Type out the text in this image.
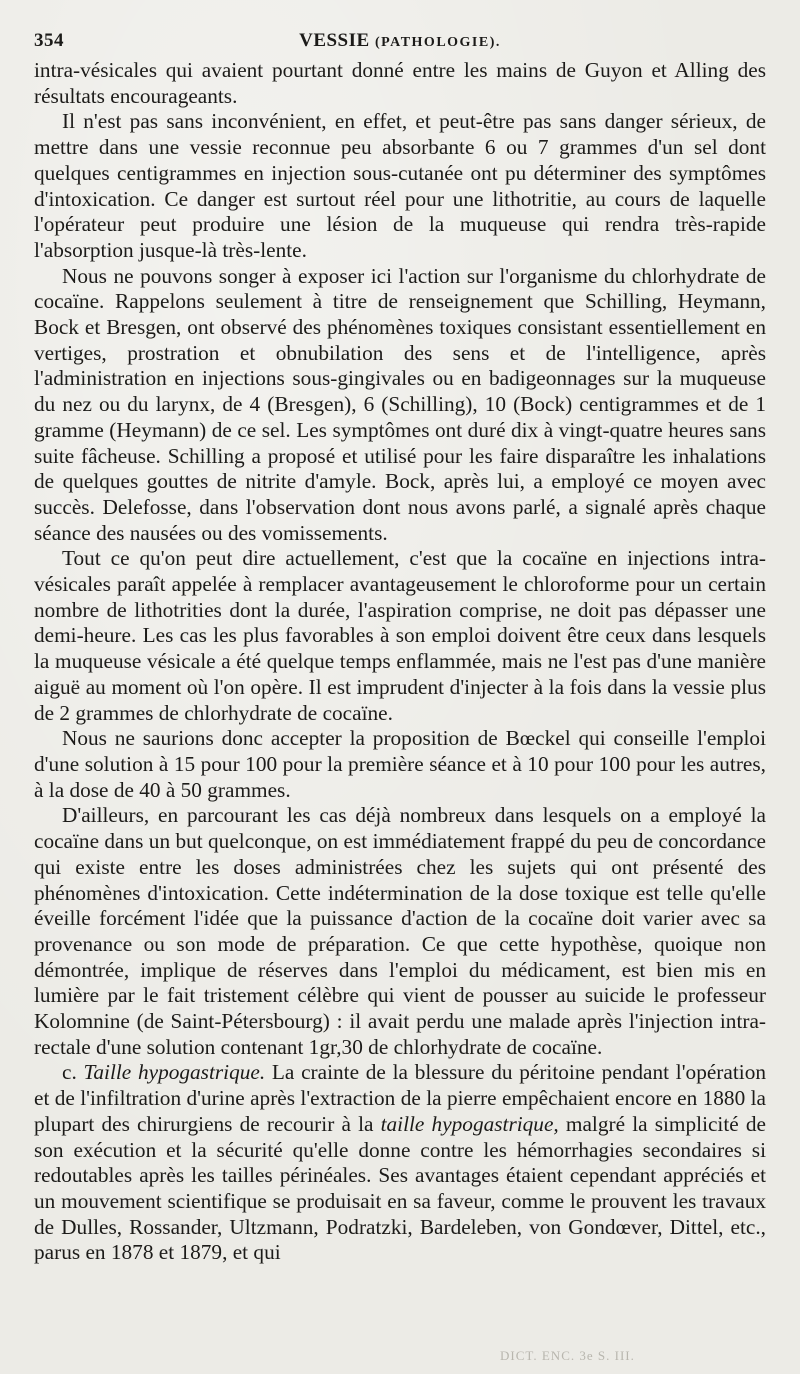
354	VESSIE (PATHOLOGIE).

intra-vésicales qui avaient pourtant donné entre les mains de Guyon et Alling des résultats encourageants.

Il n'est pas sans inconvénient, en effet, et peut-être pas sans danger sérieux, de mettre dans une vessie reconnue peu absorbante 6 ou 7 grammes d'un sel dont quelques centigrammes en injection sous-cutanée ont pu déterminer des symptômes d'intoxication. Ce danger est surtout réel pour une lithotritie, au cours de laquelle l'opérateur peut produire une lésion de la muqueuse qui rendra très-rapide l'absorption jusque-là très-lente.

Nous ne pouvons songer à exposer ici l'action sur l'organisme du chlorhydrate de cocaïne. Rappelons seulement à titre de renseignement que Schilling, Heymann, Bock et Bresgen, ont observé des phénomènes toxiques consistant essentiellement en vertiges, prostration et obnubilation des sens et de l'intelligence, après l'administration en injections sous-gingivales ou en badigeonnages sur la muqueuse du nez ou du larynx, de 4 (Bresgen), 6 (Schilling), 10 (Bock) centigrammes et de 1 gramme (Heymann) de ce sel. Les symptômes ont duré dix à vingt-quatre heures sans suite fâcheuse. Schilling a proposé et utilisé pour les faire disparaître les inhalations de quelques gouttes de nitrite d'amyle. Bock, après lui, a employé ce moyen avec succès. Delefosse, dans l'observation dont nous avons parlé, a signalé après chaque séance des nausées ou des vomissements.

Tout ce qu'on peut dire actuellement, c'est que la cocaïne en injections intra-vésicales paraît appelée à remplacer avantageusement le chloroforme pour un certain nombre de lithotrities dont la durée, l'aspiration comprise, ne doit pas dépasser une demi-heure. Les cas les plus favorables à son emploi doivent être ceux dans lesquels la muqueuse vésicale a été quelque temps enflammée, mais ne l'est pas d'une manière aiguë au moment où l'on opère. Il est imprudent d'injecter à la fois dans la vessie plus de 2 grammes de chlorhydrate de cocaïne.

Nous ne saurions donc accepter la proposition de Bœckel qui conseille l'emploi d'une solution à 15 pour 100 pour la première séance et à 10 pour 100 pour les autres, à la dose de 40 à 50 grammes.

D'ailleurs, en parcourant les cas déjà nombreux dans lesquels on a employé la cocaïne dans un but quelconque, on est immédiatement frappé du peu de concordance qui existe entre les doses administrées chez les sujets qui ont présenté des phénomènes d'intoxication. Cette indétermination de la dose toxique est telle qu'elle éveille forcément l'idée que la puissance d'action de la cocaïne doit varier avec sa provenance ou son mode de préparation. Ce que cette hypothèse, quoique non démontrée, implique de réserves dans l'emploi du médicament, est bien mis en lumière par le fait tristement célèbre qui vient de pousser au suicide le professeur Kolomnine (de Saint-Pétersbourg) : il avait perdu une malade après l'injection intra-rectale d'une solution contenant 1gr,30 de chlorhydrate de cocaïne.

c. Taille hypogastrique. La crainte de la blessure du péritoine pendant l'opération et de l'infiltration d'urine après l'extraction de la pierre empêchaient encore en 1880 la plupart des chirurgiens de recourir à la taille hypogastrique, malgré la simplicité de son exécution et la sécurité qu'elle donne contre les hémorrhagies secondaires si redoutables après les tailles périnéales. Ses avantages étaient cependant appréciés et un mouvement scientifique se produisait en sa faveur, comme le prouvent les travaux de Dulles, Rossander, Ultzmann, Podratzki, Bardeleben, von Gondœver, Dittel, etc., parus en 1878 et 1879, et qui

DICT. ENC. 3e S. III.
